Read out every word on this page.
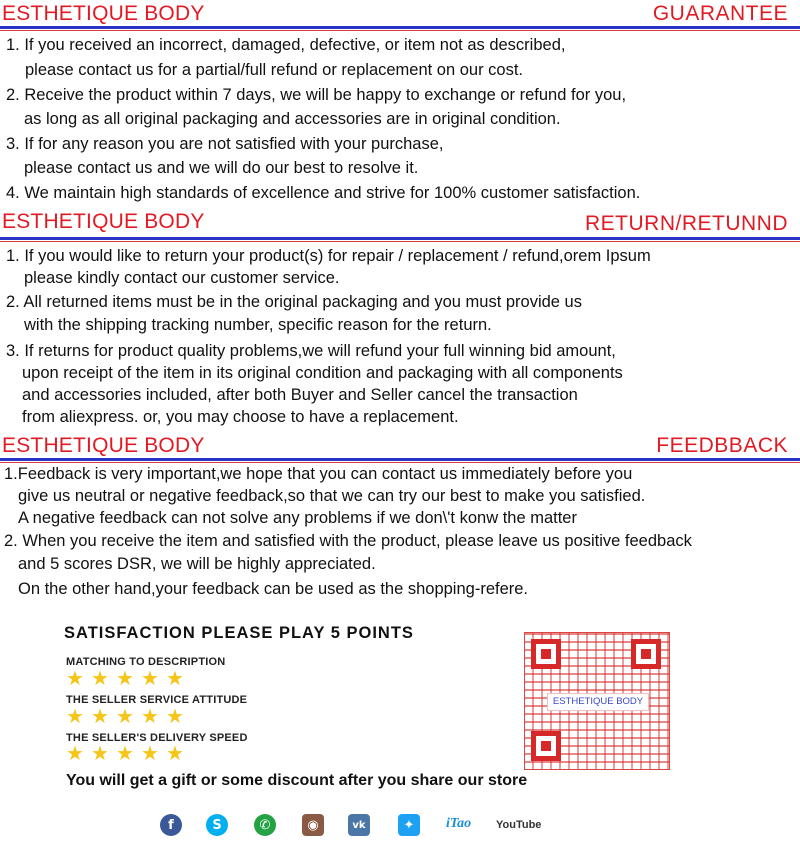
ESTHETIQUE BODY	GUARANTEE
1. If you received an incorrect, damaged, defective, or item not as described,
please contact us for a partial/full refund or replacement on our cost.
2. Receive the product within 7 days, we will be happy to exchange or refund for you,
as long as all original packaging and accessories are in original condition.
3. If for any reason you are not satisfied with your purchase,
please contact us and we will do our best to resolve it.
4. We maintain high standards of excellence and strive for 100% customer satisfaction.
ESTHETIQUE BODY	RETURN/RETUNND
1. If you would like to return your product(s) for repair / replacement / refund,orem Ipsum
please kindly contact our customer service.
2. All returned items must be in the original packaging and you must provide us
with the shipping tracking number, specific reason for the return.
3. If returns for product quality problems,we will refund your full winning bid amount,
upon receipt of the item in its original condition and packaging with all components
and accessories included, after both Buyer and Seller cancel the transaction
from aliexpress. or, you may choose to have a replacement.
ESTHETIQUE BODY	FEEDBBACK
1.Feedback is very important,we hope that you can contact us immediately before you
give us neutral or negative feedback,so that we can try our best to make you satisfied.
A negative feedback can not solve any problems if we don\'t konw the matter
2. When you receive the item and satisfied with the product, please leave us positive feedback
and 5 scores DSR, we will be highly appreciated.
On the other hand,your feedback can be used as the shopping-refere.
SATISFACTION PLEASE PLAY 5 POINTS
MATCHING TO DESCRIPTION
★ ★ ★ ★ ★
THE SELLER SERVICE ATTITUDE
★ ★ ★ ★ ★
THE SELLER'S DELIVERY SPEED
★ ★ ★ ★ ★
ESTHETIQUE BODY
You will get a gift or some discount after you share our store
f	S	✆	◉	vk	✦	iTao YouTube
